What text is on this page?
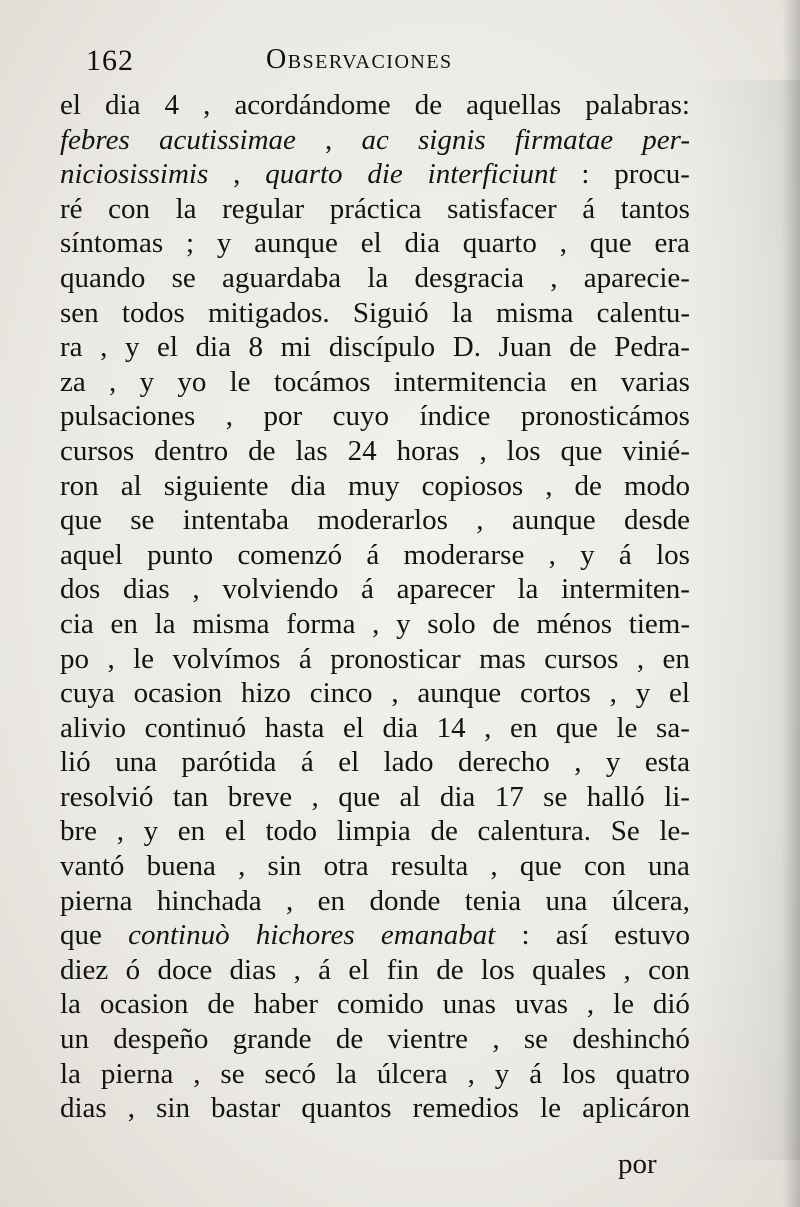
162	Observaciones
el dia 4 , acordándome de aquellas palabras:
febres acutissimae , ac signis firmatae per-
niciosissimis , quarto die interficiunt : procu-
ré con la regular práctica satisfacer á tantos
síntomas ; y aunque el dia quarto , que era
quando se aguardaba la desgracia , aparecie-
sen todos mitigados. Siguió la misma calentu-
ra , y el dia 8 mi discípulo D. Juan de Pedra-
za , y yo le tocámos intermitencia en varias
pulsaciones , por cuyo índice pronosticámos
cursos dentro de las 24 horas , los que vinié-
ron al siguiente dia muy copiosos , de modo
que se intentaba moderarlos , aunque desde
aquel punto comenzó á moderarse , y á los
dos dias , volviendo á aparecer la intermiten-
cia en la misma forma , y solo de ménos tiem-
po , le volvímos á pronosticar mas cursos , en
cuya ocasion hizo cinco , aunque cortos , y el
alivio continuó hasta el dia 14 , en que le sa-
lió una parótida á el lado derecho , y esta
resolvió tan breve , que al dia 17 se halló li-
bre , y en el todo limpia de calentura. Se le-
vantó buena , sin otra resulta , que con una
pierna hinchada , en donde tenia una úlcera,
que continuò hichores emanabat : así estuvo
diez ó doce dias , á el fin de los quales , con
la ocasion de haber comido unas uvas , le dió
un despeño grande de vientre , se deshinchó
la pierna , se secó la úlcera , y á los quatro
dias , sin bastar quantos remedios le aplicáron
por
